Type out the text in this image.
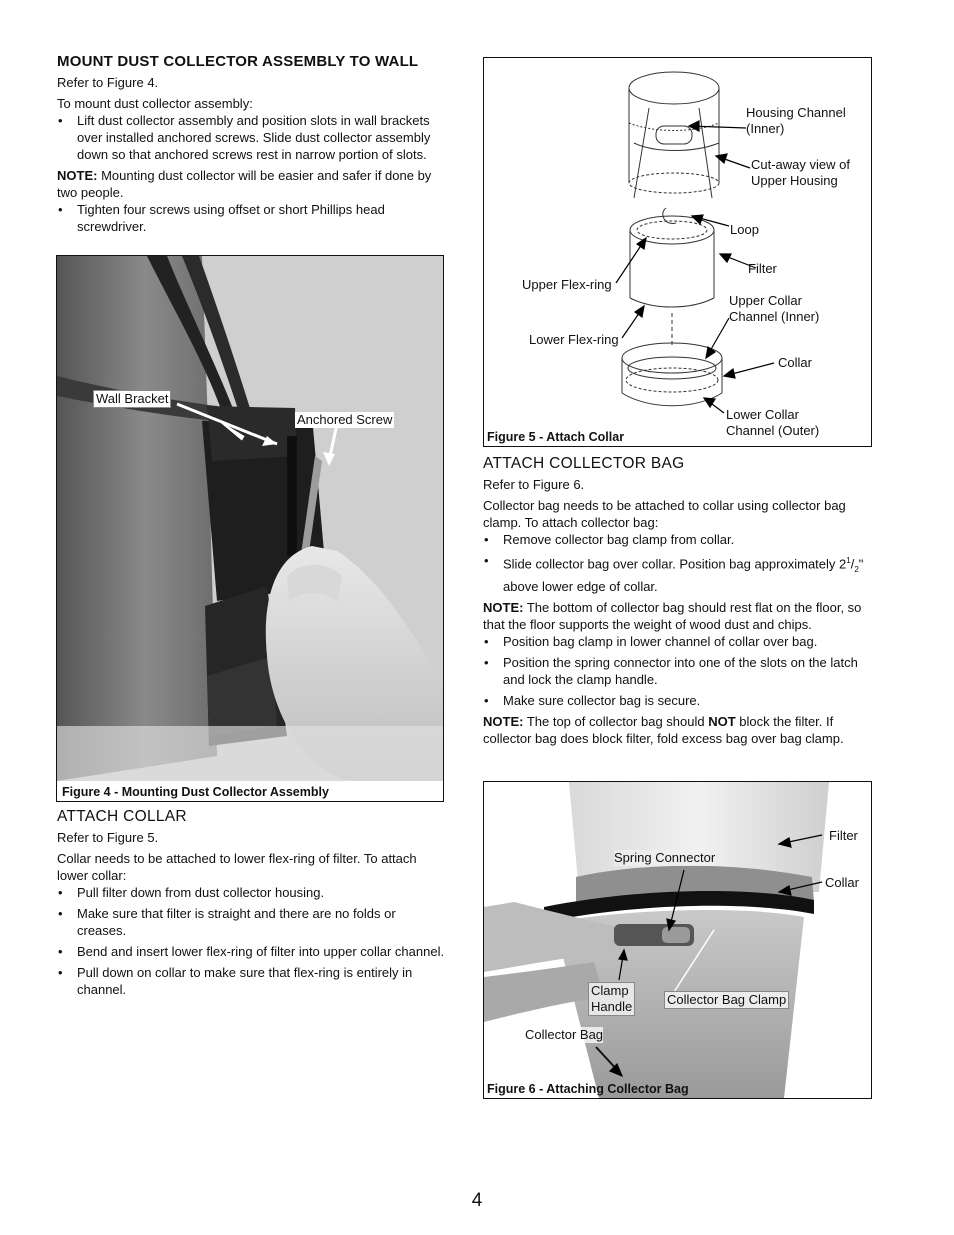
MOUNT DUST COLLECTOR ASSEMBLY TO WALL

Refer to Figure 4.

To mount dust collector assembly:

• Lift dust collector assembly and position slots in wall brackets over installed anchored screws. Slide dust collector assembly down so that anchored screws rest in narrow portion of slots.

NOTE: Mounting dust collector will be easier and safer if done by two people.

• Tighten four screws using offset or short Phillips head screwdriver.
Wall Bracket
Anchored Screw
Figure 4 - Mounting Dust Collector Assembly
ATTACH COLLAR

Refer to Figure 5.

Collar needs to be attached to lower flex-ring of filter. To attach lower collar:

• Pull filter down from dust collector housing.
• Make sure that filter is straight and there are no folds or creases.
• Bend and insert lower flex-ring of filter into upper collar channel.
• Pull down on collar to make sure that flex-ring is entirely in channel.
Housing Channel
(Inner)
Cut-away view of
Upper Housing
Loop
Filter
Upper Flex-ring
Upper Collar
Channel (Inner)
Lower Flex-ring
Collar
Lower Collar
Channel (Outer)
Figure 5 - Attach Collar
ATTACH COLLECTOR BAG

Refer to Figure 6.

Collector bag needs to be attached to collar using collector bag clamp. To attach collector bag:

• Remove collector bag clamp from collar.
• Slide collector bag over collar. Position bag approximately $2^1/_2$" above lower edge of collar.

NOTE: The bottom of collector bag should rest flat on the floor, so that the floor supports the weight of wood dust and chips.

• Position bag clamp in lower channel of collar over bag.
• Position the spring connector into one of the slots on the latch and lock the clamp handle.
• Make sure collector bag is secure.

NOTE: The top of collector bag should NOT block the filter. If collector bag does block filter, fold excess bag over bag clamp.

Filter
Spring Connector
Collar
Clamp
Handle	Collector Bag Clamp
Collector Bag
Figure 6 - Attaching Collector Bag
4
